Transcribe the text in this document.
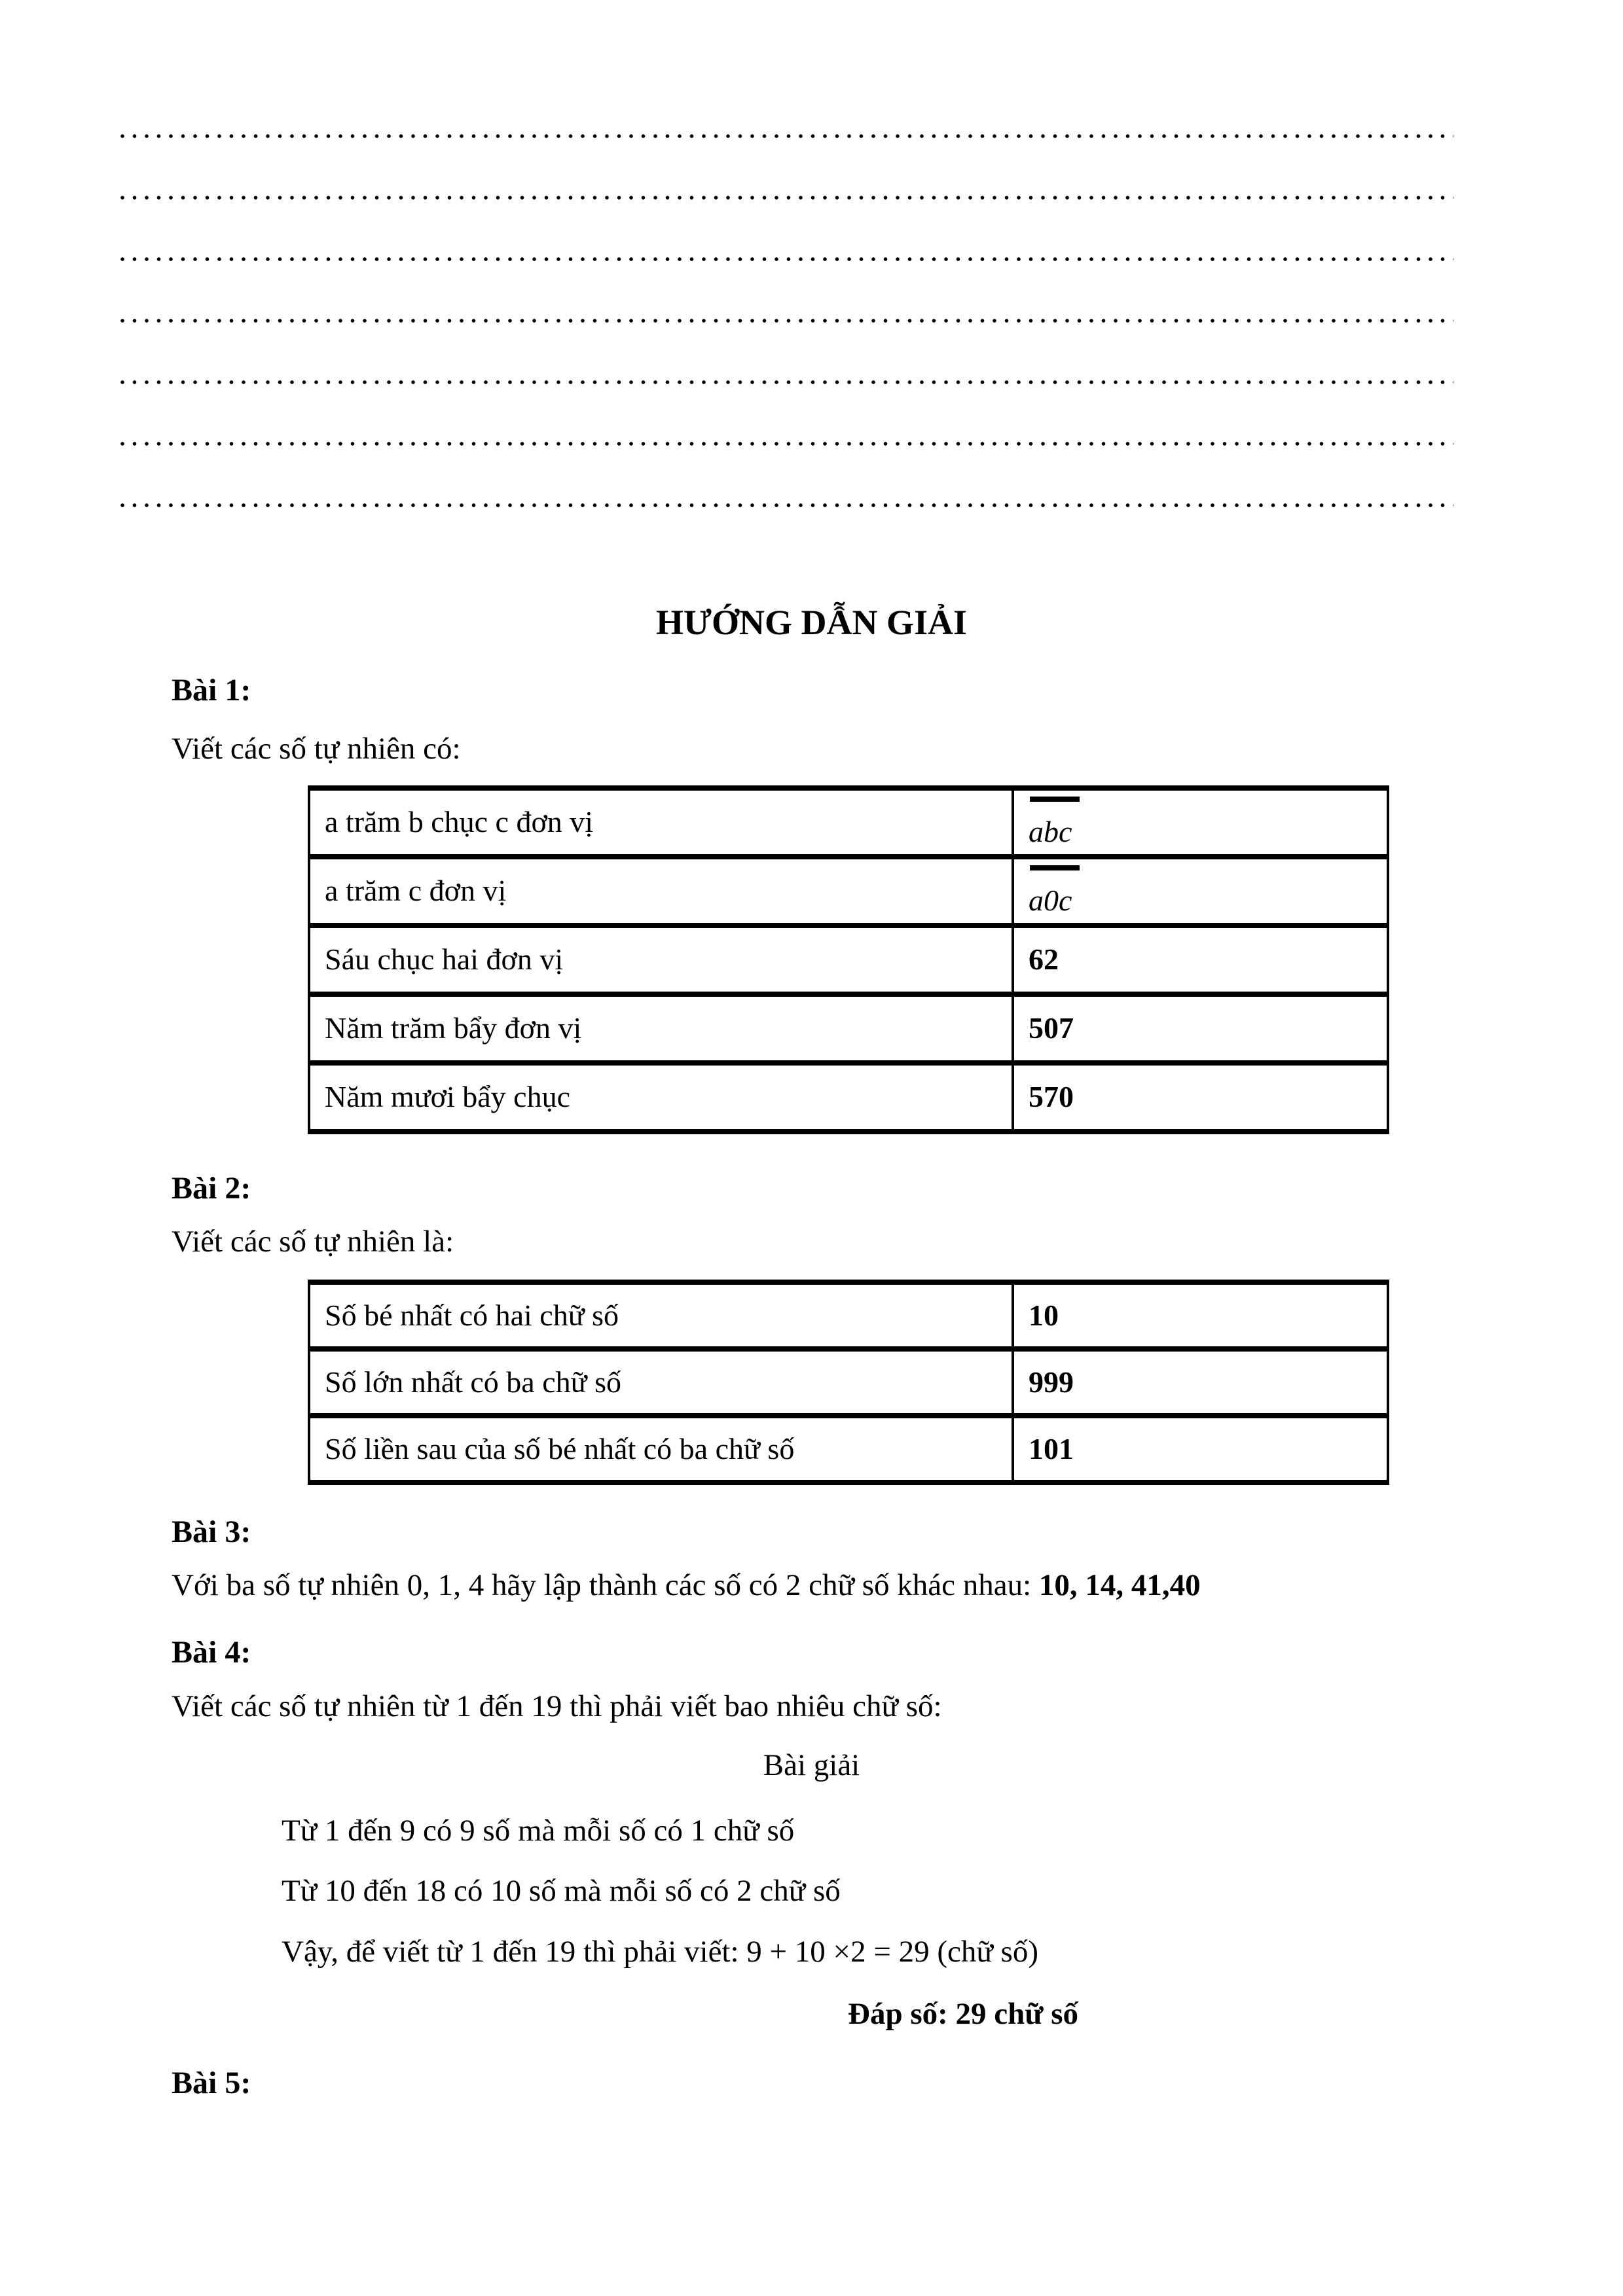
HƯỚNG DẪN GIẢI
Bài 1:
Viết các số tự nhiên có:
a trăm b chục c đơn vị	abc
a trăm c đơn vị	a0c
Sáu chục hai đơn vị	62
Năm trăm bẩy đơn vị	507
Năm mươi bẩy chục	570
Bài 2:
Viết các số tự nhiên là:
Số bé nhất có hai chữ số	10
Số lớn nhất có ba chữ số	999
Số liền sau của số bé nhất có ba chữ số	101
Bài 3:
Với ba số tự nhiên 0, 1, 4 hãy lập thành các số có 2 chữ số khác nhau: 10, 14, 41,40
Bài 4:
Viết các số tự nhiên từ 1 đến 19 thì phải viết bao nhiêu chữ số:
Bài giải
Từ 1 đến 9 có 9 số mà mỗi số có 1 chữ số
Từ 10 đến 18 có 10 số mà mỗi số có 2 chữ số
Vậy, để viết từ 1 đến 19 thì phải viết: 9 + 10 ×2 = 29 (chữ số)
Đáp số: 29 chữ số
Bài 5:
